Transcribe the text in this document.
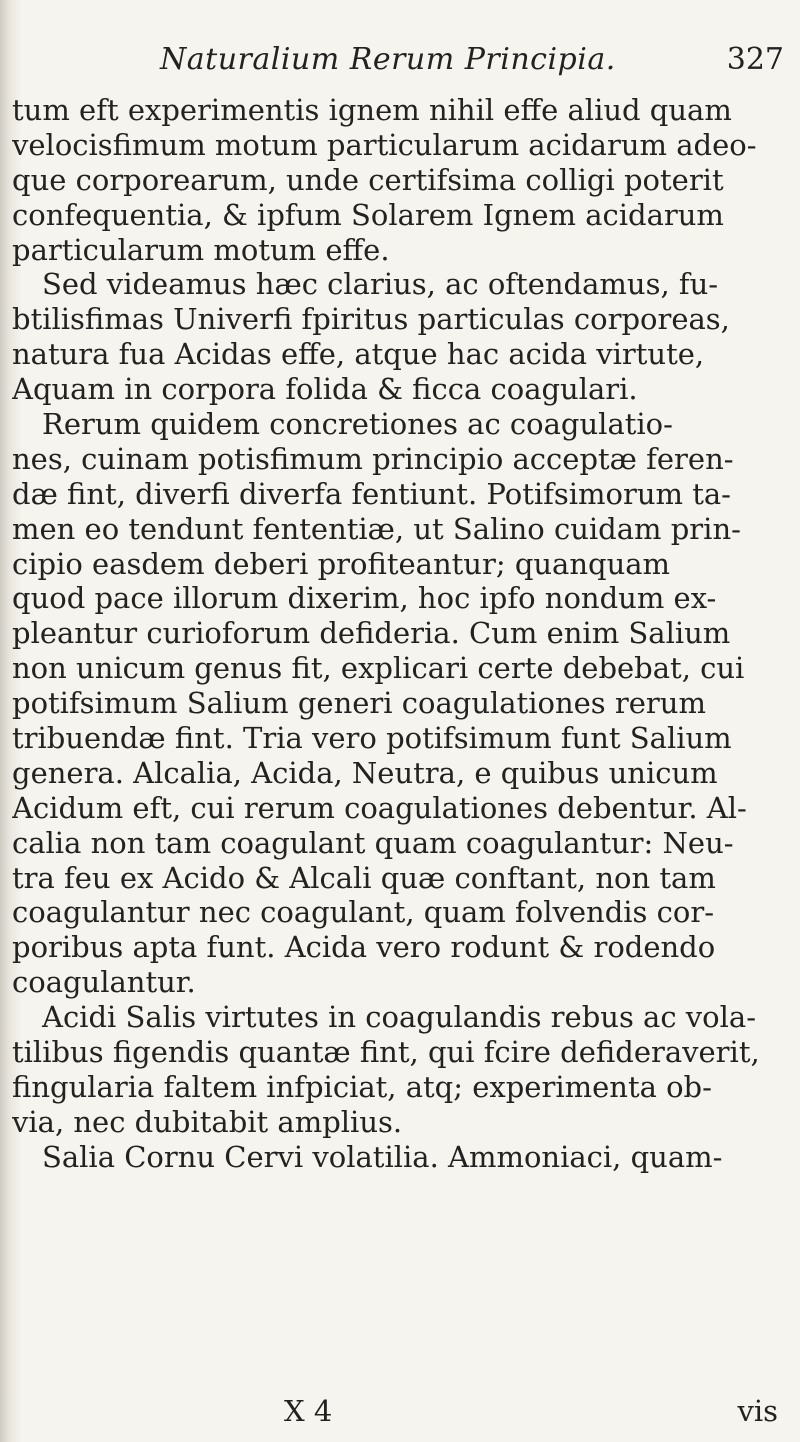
Naturalium Rerum Principia.	327
tum eft experimentis ignem nihil effe aliud quam
velocisfimum motum particularum acidarum adeo-
que corporearum, unde certifsima colligi poterit
confequentia, & ipfum Solarem Ignem acidarum
particularum motum effe.
Sed videamus hæc clarius, ac oftendamus, fu-
btilisfimas Univerfi fpiritus particulas corporeas,
natura fua Acidas effe, atque hac acida virtute,
Aquam in corpora folida & ficca coagulari.
Rerum quidem concretiones ac coagulatio-
nes, cuinam potisfimum principio acceptæ feren-
dæ fint, diverfi diverfa fentiunt. Potifsimorum ta-
men eo tendunt fententiæ, ut Salino cuidam prin-
cipio easdem deberi profiteantur; quanquam
quod pace illorum dixerim, hoc ipfo nondum ex-
pleantur curioforum defideria. Cum enim Salium
non unicum genus fit, explicari certe debebat, cui
potifsimum Salium generi coagulationes rerum
tribuendæ fint. Tria vero potifsimum funt Salium
genera. Alcalia, Acida, Neutra, e quibus unicum
Acidum eft, cui rerum coagulationes debentur. Al-
calia non tam coagulant quam coagulantur: Neu-
tra feu ex Acido & Alcali quæ conftant, non tam
coagulantur nec coagulant, quam folvendis cor-
poribus apta funt. Acida vero rodunt & rodendo
coagulantur.
Acidi Salis virtutes in coagulandis rebus ac vola-
tilibus figendis quantæ fint, qui fcire defideraverit,
fingularia faltem infpiciat, atq; experimenta ob-
via, nec dubitabit amplius.
Salia Cornu Cervi volatilia. Ammoniaci, quam-
X 4	vis
